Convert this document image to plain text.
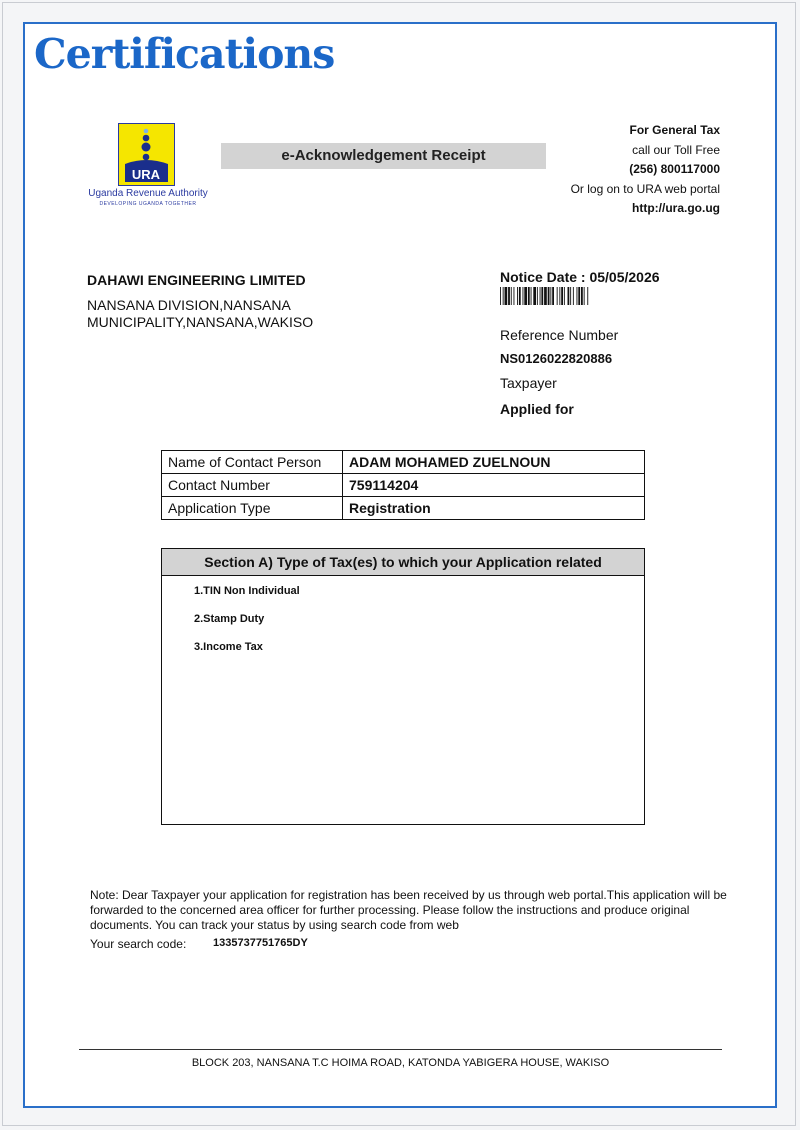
Certifications
URA
Uganda Revenue Authority
DEVELOPING UGANDA TOGETHER
e-Acknowledgement Receipt
For General Tax
call our Toll Free
(256) 800117000
Or log on to URA web portal
http://ura.go.ug
DAHAWI ENGINEERING LIMITED
NANSANA DIVISION,NANSANA MUNICIPALITY,NANSANA,WAKISO
Notice Date : 05/05/2026
Reference Number
NS0126022820886
Taxpayer
Applied for
Name of Contact Person	ADAM MOHAMED ZUELNOUN
Contact Number	759114204
Application Type	Registration
Section A) Type of Tax(es) to which your Application related
1.TIN Non Individual
2.Stamp Duty
3.Income Tax
Note: Dear Taxpayer your application for registration has been received by us through web portal.This application will be forwarded to the concerned area officer for further processing. Please follow the instructions and produce original documents. You can track your status by using search code from web
Your search code: 1335737751765DY
BLOCK 203, NANSANA T.C HOIMA ROAD, KATONDA YABIGERA HOUSE, WAKISO
